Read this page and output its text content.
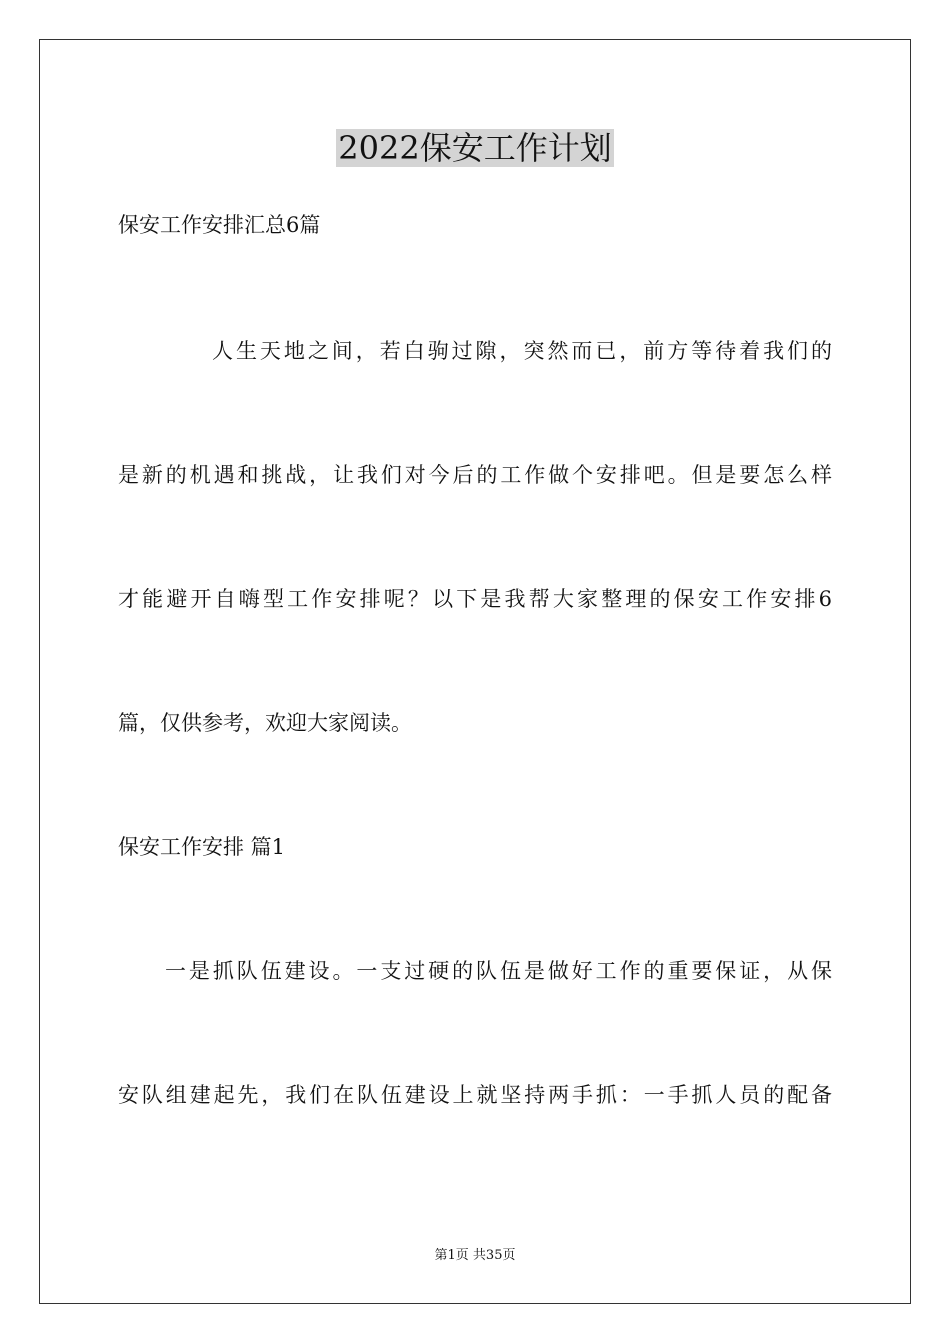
2022保安工作计划
保安工作安排汇总6篇
人生天地之间，若白驹过隙，突然而已，前方等待着我们的
是新的机遇和挑战，让我们对今后的工作做个安排吧。但是要怎么样
才能避开自嗨型工作安排呢？以下是我帮大家整理的保安工作安排6
篇，仅供参考，欢迎大家阅读。
保安工作安排 篇1
一是抓队伍建设。一支过硬的队伍是做好工作的重要保证，从保
安队组建起先，我们在队伍建设上就坚持两手抓：一手抓人员的配备
第1页 共35页
